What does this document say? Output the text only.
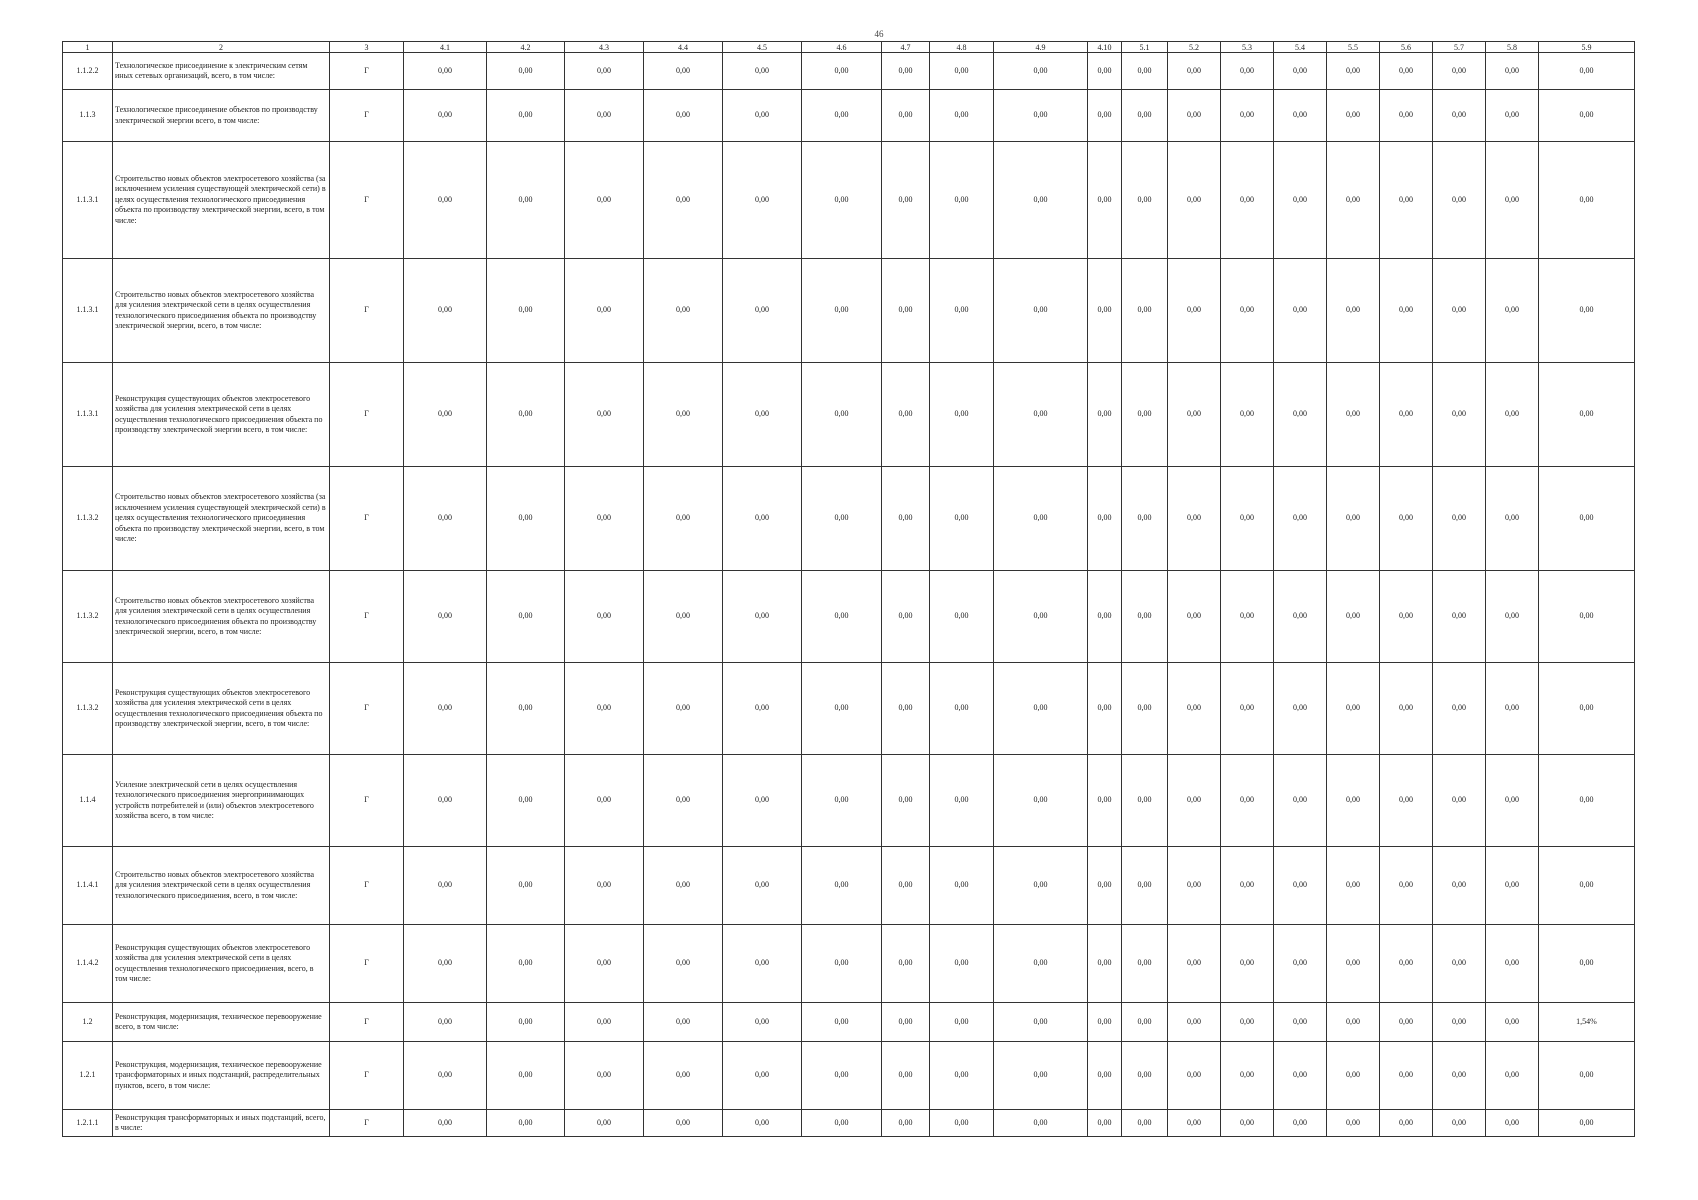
46
1	2	3	4.1	4.2	4.3	4.4	4.5	4.6	4.7	4.8	4.9	4.10	5.1	5.2	5.3	5.4	5.5	5.6	5.7	5.8	5.9
1.1.2.2	Технологическое присоединение к электрическим сетям иных сетевых организаций, всего, в том числе:	Г	0,00	0,00	0,00	0,00	0,00	0,00	0,00	0,00	0,00	0,00	0,00	0,00	0,00	0,00	0,00	0,00	0,00	0,00	0,00
1.1.3	Технологическое присоединение объектов по производству электрической энергии всего, в том числе:	Г	0,00	0,00	0,00	0,00	0,00	0,00	0,00	0,00	0,00	0,00	0,00	0,00	0,00	0,00	0,00	0,00	0,00	0,00	0,00
1.1.3.1	Строительство новых объектов электросетевого хозяйства (за исключением усиления существующей электрической сети) в целях осуществления технологического присоединения объекта по производству электрической энергии, всего, в том числе:	Г	0,00	0,00	0,00	0,00	0,00	0,00	0,00	0,00	0,00	0,00	0,00	0,00	0,00	0,00	0,00	0,00	0,00	0,00	0,00
1.1.3.1	Строительство новых объектов электросетевого хозяйства для усиления электрической сети в целях осуществления технологического присоединения объекта по производству электрической энергии, всего, в том числе:	Г	0,00	0,00	0,00	0,00	0,00	0,00	0,00	0,00	0,00	0,00	0,00	0,00	0,00	0,00	0,00	0,00	0,00	0,00	0,00
1.1.3.1	Реконструкция существующих объектов электросетевого хозяйства для усиления электрической сети в целях осуществления технологического присоединения объекта по производству электрической энергии всего, в том числе:	Г	0,00	0,00	0,00	0,00	0,00	0,00	0,00	0,00	0,00	0,00	0,00	0,00	0,00	0,00	0,00	0,00	0,00	0,00	0,00
1.1.3.2	Строительство новых объектов электросетевого хозяйства (за исключением усиления существующей электрической сети) в целях осуществления технологического присоединения объекта по производству электрической энергии, всего, в том числе:	Г	0,00	0,00	0,00	0,00	0,00	0,00	0,00	0,00	0,00	0,00	0,00	0,00	0,00	0,00	0,00	0,00	0,00	0,00	0,00
1.1.3.2	Строительство новых объектов электросетевого хозяйства для усиления электрической сети в целях осуществления технологического присоединения объекта по производству электрической энергии, всего, в том числе:	Г	0,00	0,00	0,00	0,00	0,00	0,00	0,00	0,00	0,00	0,00	0,00	0,00	0,00	0,00	0,00	0,00	0,00	0,00	0,00
1.1.3.2	Реконструкция существующих объектов электросетевого хозяйства для усиления электрической сети в целях осуществления технологического присоединения объекта по производству электрической энергии, всего, в том числе:	Г	0,00	0,00	0,00	0,00	0,00	0,00	0,00	0,00	0,00	0,00	0,00	0,00	0,00	0,00	0,00	0,00	0,00	0,00	0,00
1.1.4	Усиление электрической сети в целях осуществления технологического присоединения энергопринимающих устройств потребителей и (или) объектов электросетевого хозяйства всего, в том числе:	Г	0,00	0,00	0,00	0,00	0,00	0,00	0,00	0,00	0,00	0,00	0,00	0,00	0,00	0,00	0,00	0,00	0,00	0,00	0,00
1.1.4.1	Строительство новых объектов электросетевого хозяйства для усиления электрической сети в целях осуществления технологического присоединения, всего, в том числе:	Г	0,00	0,00	0,00	0,00	0,00	0,00	0,00	0,00	0,00	0,00	0,00	0,00	0,00	0,00	0,00	0,00	0,00	0,00	0,00
1.1.4.2	Реконструкция существующих объектов электросетевого хозяйства для усиления электрической сети в целях осуществления технологического присоединения, всего, в том числе:	Г	0,00	0,00	0,00	0,00	0,00	0,00	0,00	0,00	0,00	0,00	0,00	0,00	0,00	0,00	0,00	0,00	0,00	0,00	0,00
1.2	Реконструкция, модернизация, техническое перевооружение всего, в том числе:	Г	0,00	0,00	0,00	0,00	0,00	0,00	0,00	0,00	0,00	0,00	0,00	0,00	0,00	0,00	0,00	0,00	0,00	0,00	1,54%
1.2.1	Реконструкция, модернизация, техническое перевооружение трансформаторных и иных подстанций, распределительных пунктов, всего, в том числе:	Г	0,00	0,00	0,00	0,00	0,00	0,00	0,00	0,00	0,00	0,00	0,00	0,00	0,00	0,00	0,00	0,00	0,00	0,00	0,00
1.2.1.1	Реконструкция трансформаторных и иных подстанций, всего, в числе:	Г	0,00	0,00	0,00	0,00	0,00	0,00	0,00	0,00	0,00	0,00	0,00	0,00	0,00	0,00	0,00	0,00	0,00	0,00	0,00
